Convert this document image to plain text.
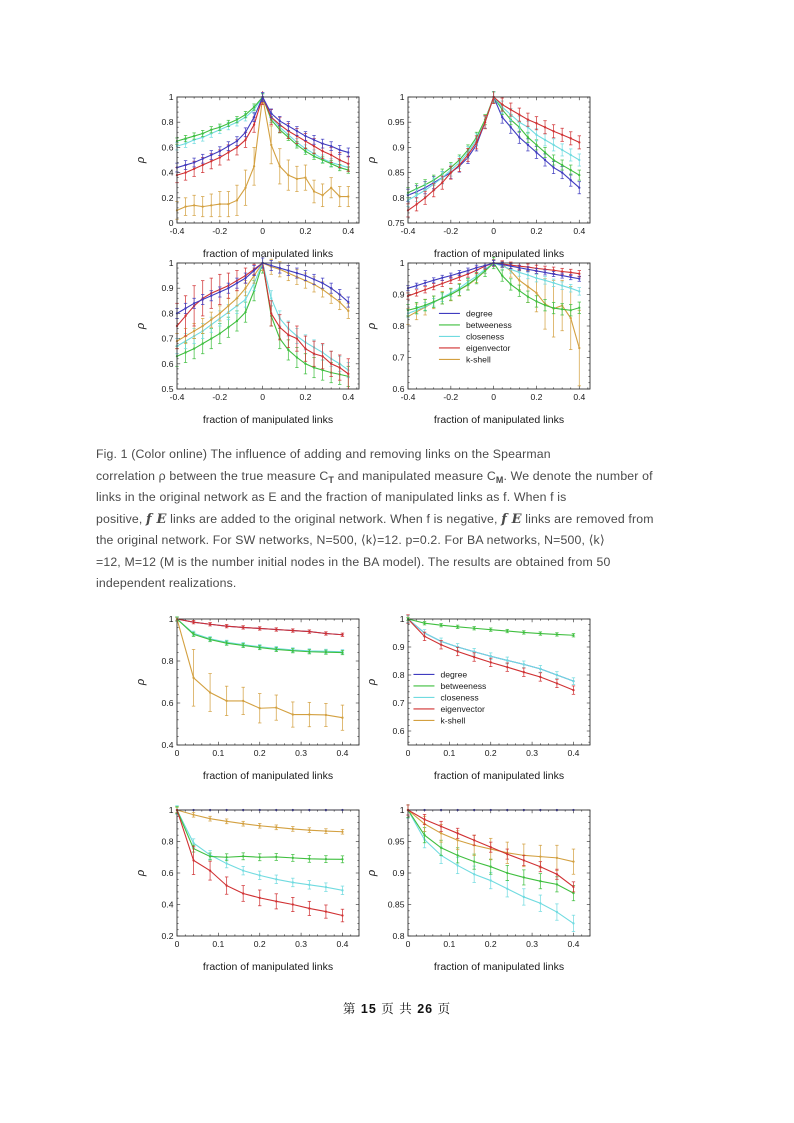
-0.4	-0.2	0	0.2	0.4
0
0.2
0.4
0.6
0.8
1
fraction of manipulated links
ρ
-0.4	-0.2	0	0.2	0.4
0.75
0.8
0.85
0.9
0.95
1
fraction of manipulated links
ρ
-0.4	-0.2	0	0.2	0.4
0.5
0.6
0.7
0.8
0.9
1
fraction of manipulated links
ρ
-0.4	-0.2	0	0.2	0.4
0.6
0.7
0.8
0.9
1
fraction of manipulated links
ρ
degree
betweeness
closeness
eigenvector
k-shell
Fig. 1 (Color online) The influence of adding and removing links on the Spearman
correlation ρ between the true measure $C_T$ and manipulated measure $C_M$. We denote the number of
links in the original network as E and the fraction of manipulated links as f. When f is
positive, f E links are added to the original network. When f is negative, f E links are removed from
the original network. For SW networks, N=500, ⟨k⟩=12. p=0.2. For BA networks, N=500, ⟨k⟩
=12, M=12 (M is the number initial nodes in the BA model). The results are obtained from 50
independent realizations.
0	0.1	0.2	0.3	0.4
0.4
0.6
0.8
1
fraction of manipulated links
ρ
0	0.1	0.2	0.3	0.4
0.6
0.7
0.8
0.9
1
fraction of manipulated links
ρ
degree
betweeness
closeness
eigenvector
k-shell
0	0.1	0.2	0.3	0.4
0.2
0.4
0.6
0.8
1
fraction of manipulated links
ρ
0	0.1	0.2	0.3	0.4
0.8
0.85
0.9
0.95
1
fraction of manipulated links
ρ
第 15 页 共 26 页
